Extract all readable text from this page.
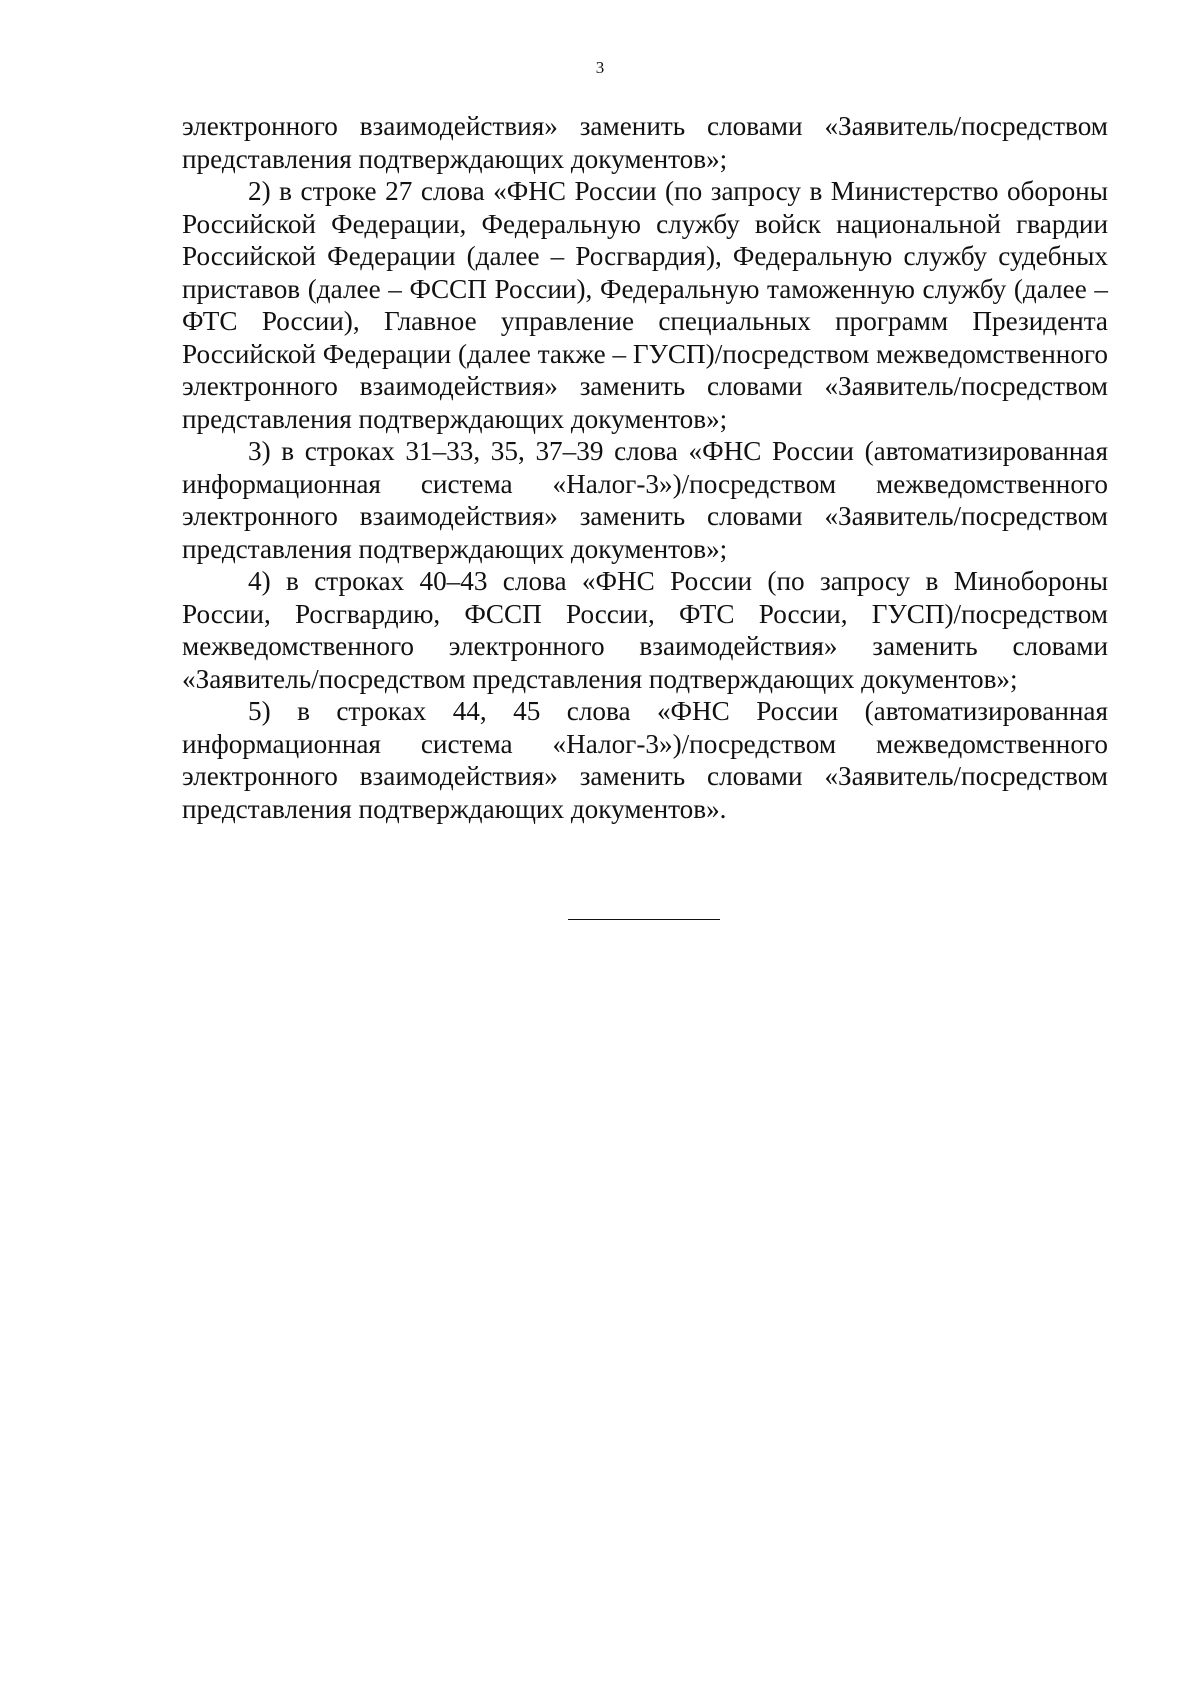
3

электронного взаимодействия» заменить словами «Заявитель/посредством представления подтверждающих документов»;

2) в строке 27 слова «ФНС России (по запросу в Министерство обороны Российской Федерации, Федеральную службу войск национальной гвардии Российской Федерации (далее – Росгвардия), Федеральную службу судебных приставов (далее – ФССП России), Федеральную таможенную службу (далее – ФТС России), Главное управление специальных программ Президента Российской Федерации (далее также – ГУСП)/посредством межведомственного электронного взаимодействия» заменить словами «Заявитель/посредством представления подтверждающих документов»;

3) в строках 31–33, 35, 37–39 слова «ФНС России (автоматизированная информационная система «Налог-3»)/посредством межведомственного электронного взаимодействия» заменить словами «Заявитель/посредством представления подтверждающих документов»;

4) в строках 40–43 слова «ФНС России (по запросу в Минобороны России, Росгвардию, ФССП России, ФТС России, ГУСП)/посредством межведомственного электронного взаимодействия» заменить словами «Заявитель/посредством представления подтверждающих документов»;

5) в строках 44, 45 слова «ФНС России (автоматизированная информационная система «Налог-3»)/посредством межведомственного электронного взаимодействия» заменить словами «Заявитель/посредством представления подтверждающих документов».
